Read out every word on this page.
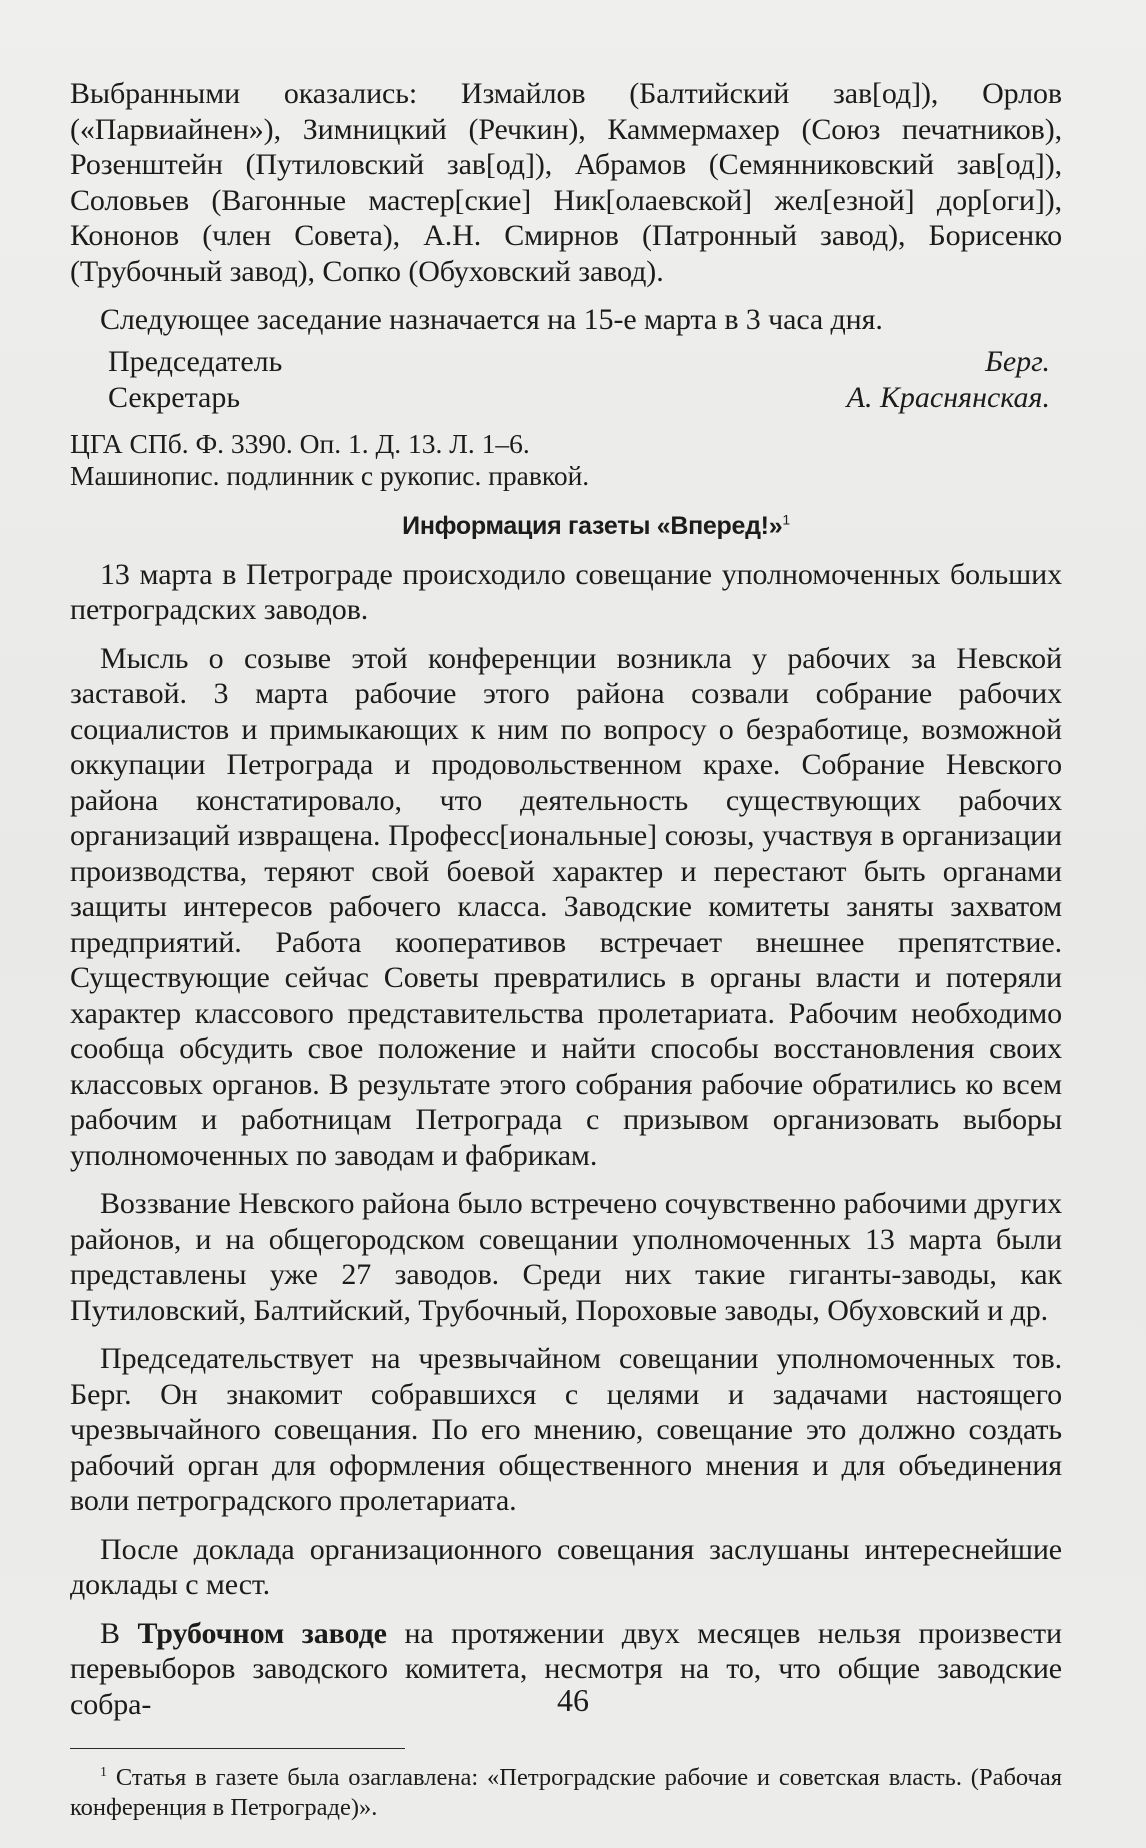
Выбранными оказались: Измайлов (Балтийский зав[од]), Орлов («Парвиайнен»), Зимницкий (Речкин), Каммермахер (Союз печатников), Розенштейн (Путиловский зав[од]), Абрамов (Семянниковский зав[од]), Соловьев (Вагонные мастер[ские] Ник[олаевской] жел[езной] дор[оги]), Кононов (член Совета), А.Н. Смирнов (Патронный завод), Борисенко (Трубочный завод), Сопко (Обуховский завод).

Следующее заседание назначается на 15-е марта в 3 часа дня.

Председатель	Берг.
Секретарь	А. Краснянская.
ЦГА СПб. Ф. 3390. Оп. 1. Д. 13. Л. 1–6.
Машинопис. подлинник с рукопис. правкой.
Информация газеты «Вперед!»$^1$

13 марта в Петрограде происходило совещание уполномоченных больших петроградских заводов.

Мысль о созыве этой конференции возникла у рабочих за Невской заставой. 3 марта рабочие этого района созвали собрание рабочих социалистов и примыкающих к ним по вопросу о безработице, возможной оккупации Петрограда и продовольственном крахе. Собрание Невского района констатировало, что деятельность существующих рабочих организаций извращена. Професс[иональные] союзы, участвуя в организации производства, теряют свой боевой характер и перестают быть органами защиты интересов рабочего класса. Заводские комитеты заняты захватом предприятий. Работа кооперативов встречает внешнее препятствие. Существующие сейчас Советы превратились в органы власти и потеряли характер классового представительства пролетариата. Рабочим необходимо сообща обсудить свое положение и найти способы восстановления своих классовых органов. В результате этого собрания рабочие обратились ко всем рабочим и работницам Петрограда с призывом организовать выборы уполномоченных по заводам и фабрикам.

Воззвание Невского района было встречено сочувственно рабочими других районов, и на общегородском совещании уполномоченных 13 марта были представлены уже 27 заводов. Среди них такие гиганты-заводы, как Путиловский, Балтийский, Трубочный, Пороховые заводы, Обуховский и др.

Председательствует на чрезвычайном совещании уполномоченных тов. Берг. Он знакомит собравшихся с целями и задачами настоящего чрезвычайного совещания. По его мнению, совещание это должно создать рабочий орган для оформления общественного мнения и для объединения воли петроградского пролетариата.

После доклада организационного совещания заслушаны интереснейшие доклады с мест.

В Трубочном заводе на протяжении двух месяцев нельзя произвести перевыборов заводского комитета, несмотря на то, что общие заводские собра-

$^1$ Статья в газете была озаглавлена: «Петроградские рабочие и советская власть. (Рабочая конференция в Петрограде)».

46
